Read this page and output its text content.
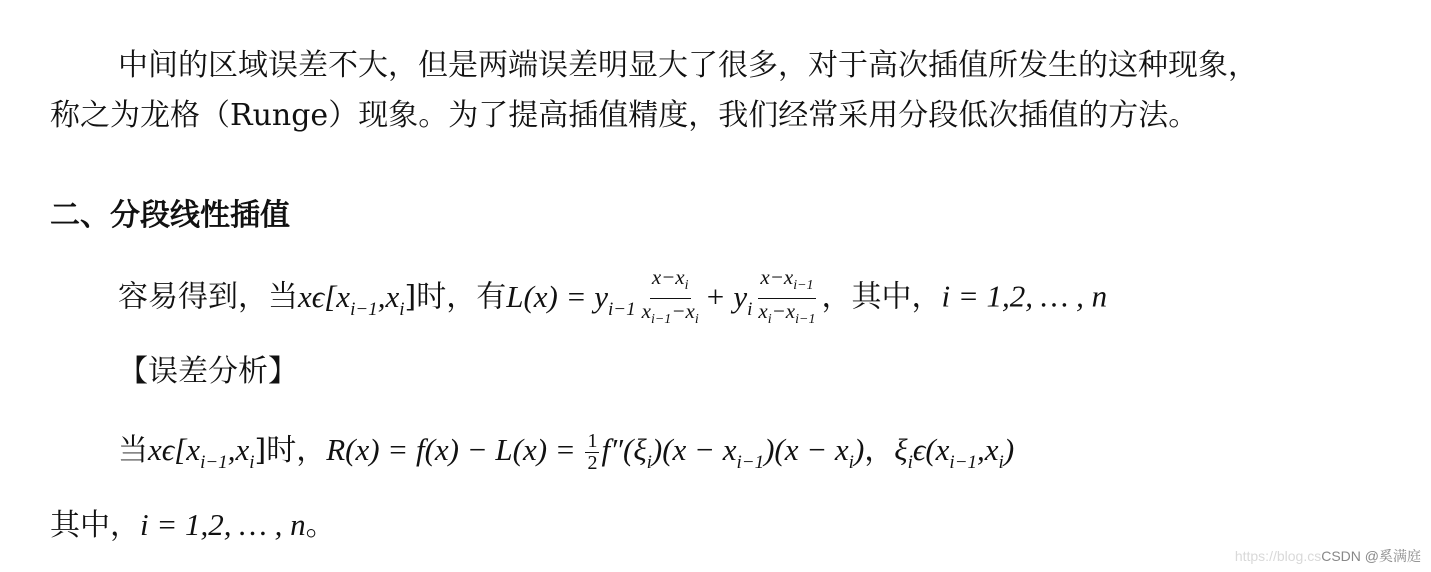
中间的区域误差不大，但是两端误差明显大了很多，对于高次插值所发生的这种现象，
称之为龙格（Runge）现象。为了提高插值精度，我们经常采用分段低次插值的方法。
二、分段线性插值
容易得到，当$x\epsilon[x_{i-1},x_i]$时，有$L(x) = y_{i-1} \frac{x-x_i}{x_{i-1}-x_i} + y_i \frac{x-x_{i-1}}{x_i-x_{i-1}}$ ，其中，i = 1,2, … , n
【误差分析】
当$x\epsilon[x_{i-1},x_i]$时，$R(x) = f(x) - L(x) = \frac{1}{2} f''(\xi_i)(x - x_{i-1})(x - x_i)$，$\xi_i\epsilon(x_{i-1},x_i)$
其中，i = 1,2, … , n。
https://blog.csCSDN @奚满庭
